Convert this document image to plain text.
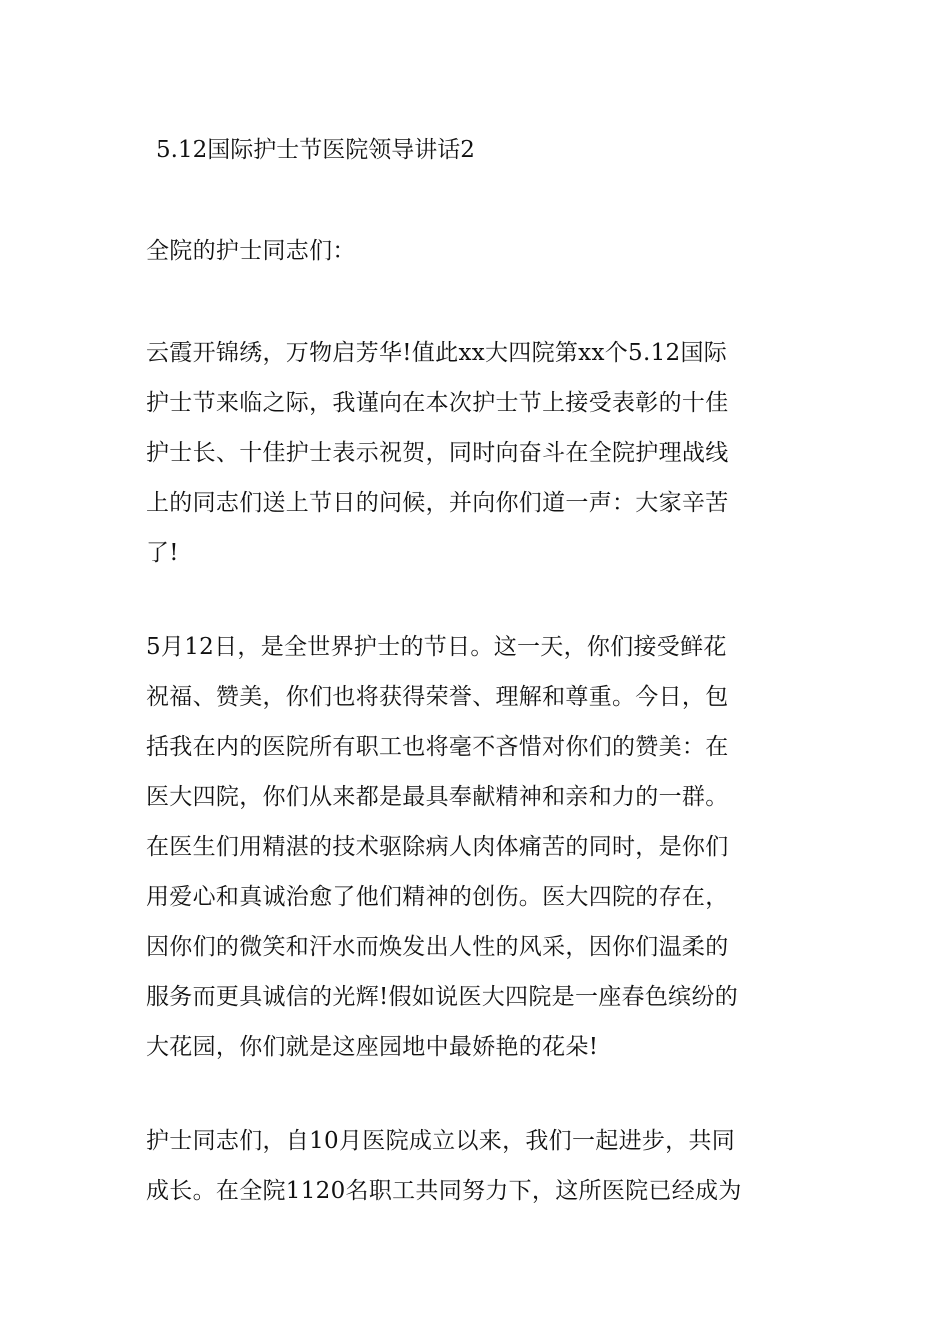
5.12国际护士节医院领导讲话2
全院的护士同志们：
云霞开锦绣，万物启芳华!值此xx大四院第xx个5.12国际
护士节来临之际，我谨向在本次护士节上接受表彰的十佳
护士长、十佳护士表示祝贺，同时向奋斗在全院护理战线
上的同志们送上节日的问候，并向你们道一声：大家辛苦
了!
5月12日，是全世界护士的节日。这一天，你们接受鲜花
祝福、赞美，你们也将获得荣誉、理解和尊重。今日，包
括我在内的医院所有职工也将毫不吝惜对你们的赞美：在
医大四院，你们从来都是最具奉献精神和亲和力的一群。
在医生们用精湛的技术驱除病人肉体痛苦的同时，是你们
用爱心和真诚治愈了他们精神的创伤。医大四院的存在，
因你们的微笑和汗水而焕发出人性的风采，因你们温柔的
服务而更具诚信的光辉!假如说医大四院是一座春色缤纷的
大花园，你们就是这座园地中最娇艳的花朵!
护士同志们，自10月医院成立以来，我们一起进步，共同
成长。在全院1120名职工共同努力下，这所医院已经成为
